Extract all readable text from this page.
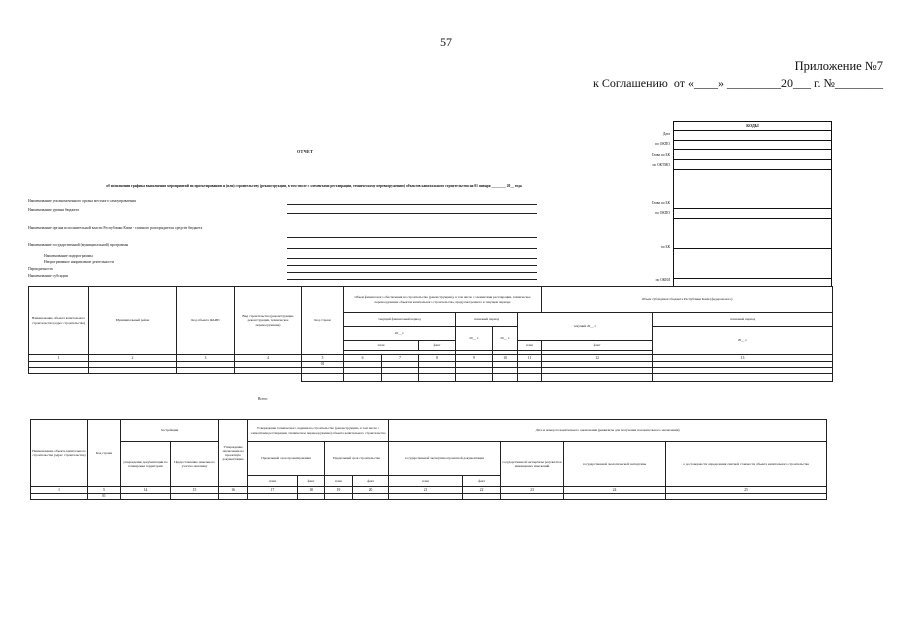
57
Приложение №7
к Соглашению  от «____» _________20___ г. №________
ОТЧЕТ
об исполнении графика выполнения мероприятий по проектированию и (или) строительству (реконструкции, в том числе с элементами реставрации, техническому перевооружению) объектов капитального строительства на 01 января ________ 20__ года
Наименование уполномоченного органа местного самоуправления
Наименование уровня бюджета
Наименование органа исполнительной власти Республики Коми - главного распорядителя средств бюджета
Наименование государственной (муниципальной) программы
Наименование подпрограммы
Непрограммное направление деятельности
Периодичность
Наименование субсидии
КОДЫ
Дата
по ОКПО
Глава по БК
по ОКТМО
Глава по БК
по ОКПО
по БК
по ОКЕИ
Наименование объекта капитального строительства (адрес строительства)	Муниципальный район	Код объекта ФАИП	Вид строительства (реконструкция, реконструкция, техническое перевооружение)	Код строки	Объем финансового обеспечения на строительство (реконструкцию), в том числе с элементами реставрации, техническое перевооружение объектов капитального строительства, предусмотренного в текущем периоде						Объем субсидии из бюджета Республики Коми (федерального)		
					текущий финансовый период			плановый период		текущий 20__ г.		плановый период	
					20__ г.			20__ г.	20__ г.			20__ г.	
					план		факт			план	факт		

1	2	3	4	5	6	7	8	9	10	11	12	13	
				01									

Всего:
Наименование объекта капитального строительства (адрес строительства)	Код строки	Застройщик		Утверждение заключения на проектную документацию	Утверждение технического задания на строительство (реконструкцию, в том числе с элементами реставрации, техническое перевооружение) объекта капитального строительства				Дата и номер положительного заключения (реквизиты для получения положительного заключения)				
		утверждение документации по планировке территории	Предоставление земельного участка заказчику		Предельный срок проектирования		Предельный срок строительства		государственной экспертизы проектной документации		государственной экспертизы результатов инженерных изысканий	государственной экологической экспертизы	о достоверности определения сметной стоимости объекта капитального строительства

					план	факт	план	факт	план	факт			
1	5	14	15	16	17	18	19	20	21	22	23	24	25
	01												
